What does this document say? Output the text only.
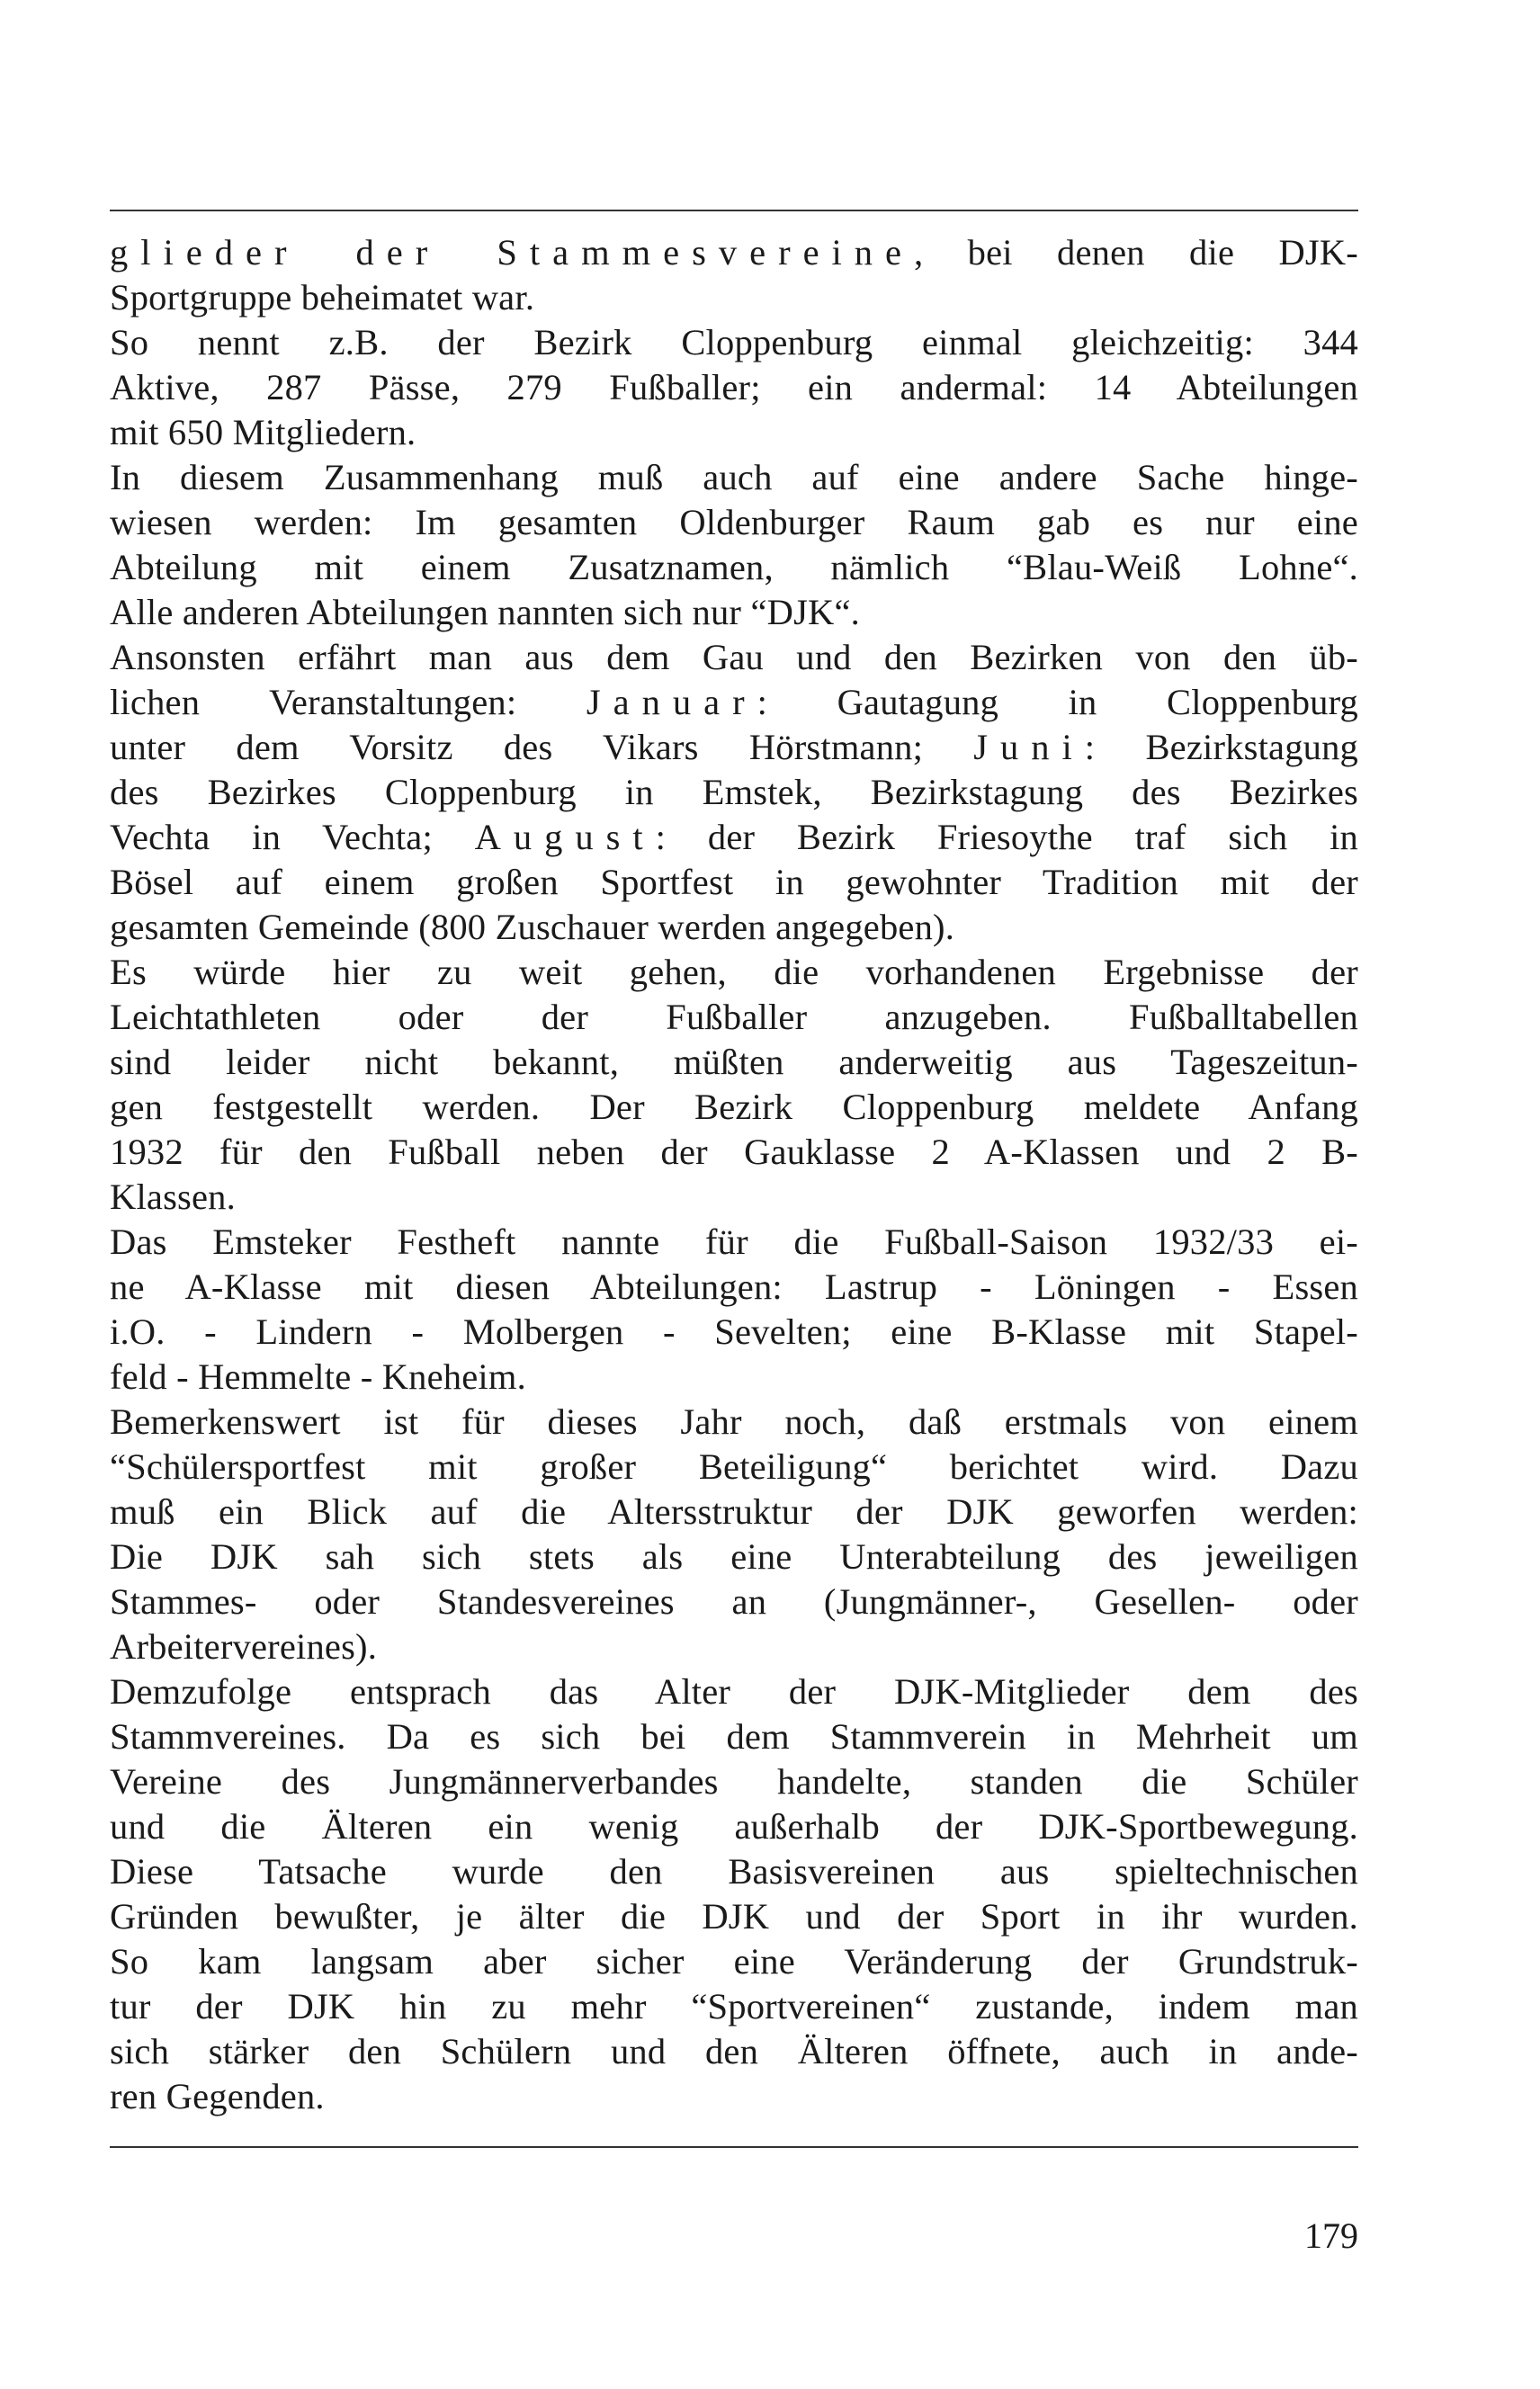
glieder der Stammesvereine, bei denen die DJK-
Sportgruppe beheimatet war.
So nennt z.B. der Bezirk Cloppenburg einmal gleichzeitig: 344
Aktive, 287 Pässe, 279 Fußballer; ein andermal: 14 Abteilungen
mit 650 Mitgliedern.
In diesem Zusammenhang muß auch auf eine andere Sache hinge-
wiesen werden: Im gesamten Oldenburger Raum gab es nur eine
Abteilung mit einem Zusatznamen, nämlich “Blau-Weiß Lohne“.
Alle anderen Abteilungen nannten sich nur “DJK“.
Ansonsten erfährt man aus dem Gau und den Bezirken von den üb-
lichen Veranstaltungen: Januar: Gautagung in Cloppenburg
unter dem Vorsitz des Vikars Hörstmann; Juni: Bezirkstagung
des Bezirkes Cloppenburg in Emstek, Bezirkstagung des Bezirkes
Vechta in Vechta; August: der Bezirk Friesoythe traf sich in
Bösel auf einem großen Sportfest in gewohnter Tradition mit der
gesamten Gemeinde (800 Zuschauer werden angegeben).
Es würde hier zu weit gehen, die vorhandenen Ergebnisse der
Leichtathleten oder der Fußballer anzugeben. Fußballtabellen
sind leider nicht bekannt, müßten anderweitig aus Tageszeitun-
gen festgestellt werden. Der Bezirk Cloppenburg meldete Anfang
1932 für den Fußball neben der Gauklasse 2 A-Klassen und 2 B-
Klassen.
Das Emsteker Festheft nannte für die Fußball-Saison 1932/33 ei-
ne A-Klasse mit diesen Abteilungen: Lastrup - Löningen - Essen
i.O. - Lindern - Molbergen - Sevelten; eine B-Klasse mit Stapel-
feld - Hemmelte - Kneheim.
Bemerkenswert ist für dieses Jahr noch, daß erstmals von einem
“Schülersportfest mit großer Beteiligung“ berichtet wird. Dazu
muß ein Blick auf die Altersstruktur der DJK geworfen werden:
Die DJK sah sich stets als eine Unterabteilung des jeweiligen
Stammes- oder Standesvereines an (Jungmänner-, Gesellen- oder
Arbeitervereines).
Demzufolge entsprach das Alter der DJK-Mitglieder dem des
Stammvereines. Da es sich bei dem Stammverein in Mehrheit um
Vereine des Jungmännerverbandes handelte, standen die Schüler
und die Älteren ein wenig außerhalb der DJK-Sportbewegung.
Diese Tatsache wurde den Basisvereinen aus spieltechnischen
Gründen bewußter, je älter die DJK und der Sport in ihr wurden.
So kam langsam aber sicher eine Veränderung der Grundstruk-
tur der DJK hin zu mehr “Sportvereinen“ zustande, indem man
sich stärker den Schülern und den Älteren öffnete, auch in ande-
ren Gegenden.
179
